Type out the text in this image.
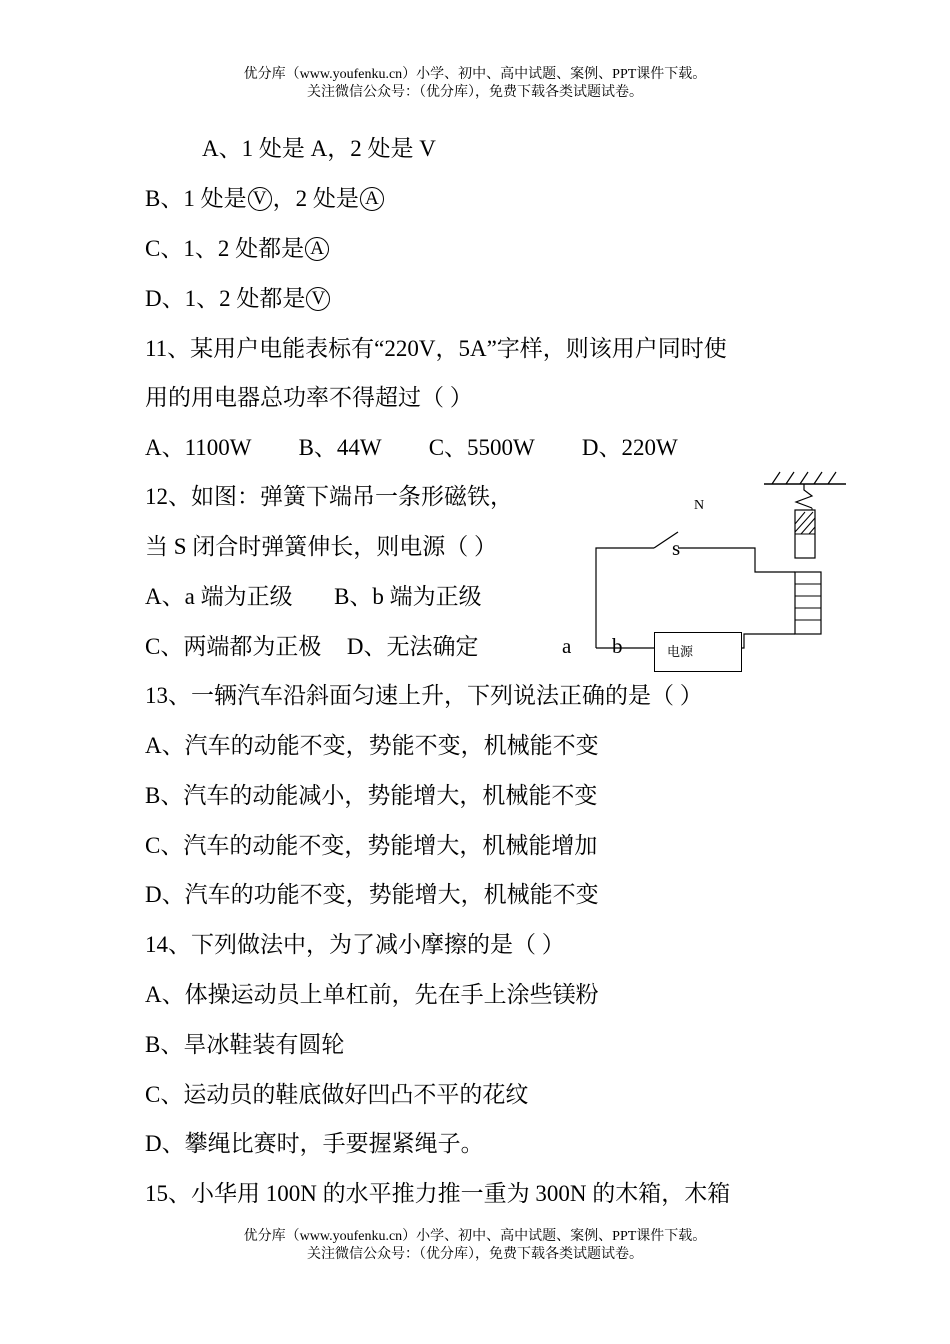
优分库（www.youfenku.cn）小学、初中、高中试题、案例、PPT课件下载。
关注微信公众号：（优分库），免费下载各类试题试卷。
A、1 处是 A，2 处是 V
B、1 处是 V ，2 处是 A
C、1、2 处都是 A
D、1、2 处都是 V
11、某用户电能表标有“220V，5A”字样，则该用户同时使
用的用电器总功率不得超过（ ）
A、1100W B、44W C、5500W D、220W
12、如图：弹簧下端吊一条形磁铁，
当 S 闭合时弹簧伸长，则电源（ ）
A、a 端为正级 B、b 端为正级
C、两端都为正极 D、无法确定
N
s
a b	电源
13、一辆汽车沿斜面匀速上升，下列说法正确的是（ ）
A、汽车的动能不变，势能不变，机械能不变
B、汽车的动能减小，势能增大，机械能不变
C、汽车的动能不变，势能增大，机械能增加
D、汽车的功能不变，势能增大，机械能不变
14、下列做法中，为了减小摩擦的是（ ）
A、体操运动员上单杠前，先在手上涂些镁粉
B、旱冰鞋装有圆轮
C、运动员的鞋底做好凹凸不平的花纹
D、攀绳比赛时，手要握紧绳子。
15、小华用 100N 的水平推力推一重为 300N 的木箱，木箱
优分库（www.youfenku.cn）小学、初中、高中试题、案例、PPT课件下载。
关注微信公众号：（优分库），免费下载各类试题试卷。
